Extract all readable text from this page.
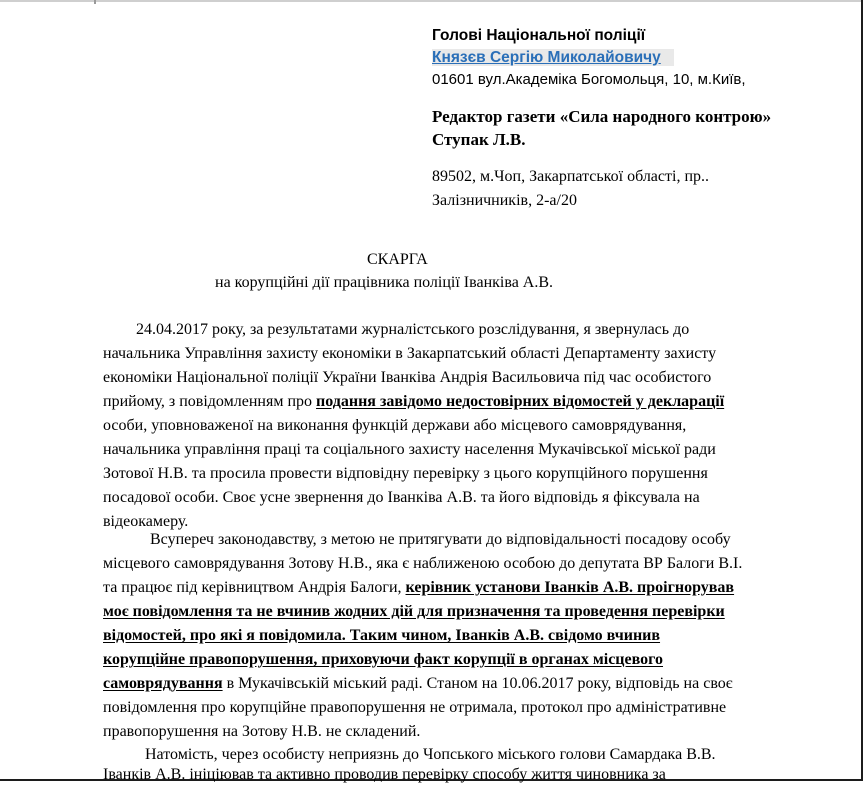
Голові Національної поліції
Князєв Сергію Миколайовичу
01601 вул.Академіка Богомольця, 10, м.Київ,
Редактор газети «Сила народного контрою»
Ступак Л.В.
89502, м.Чоп, Закарпатської області, пр..
Залізничників, 2-а/20
СКАРГА
на корупційні дії працівника поліції Іванківа А.В.
24.04.2017 року, за результатами журналістського розслідування, я звернулась до
начальника Управління захисту економіки в Закарпатський області Департаменту захисту
економіки Національної поліції України Іванківа Андрія Васильовича під час особистого
прийому, з повідомленням про подання завідомо недостовірних відомостей у декларації
особи, уповноваженої на виконання функцій держави або місцевого самоврядування,
начальника управління праці та соціального захисту населення Мукачівської міської ради
Зотової Н.В. та просила провести відповідну перевірку з цього корупційного порушення
посадової особи. Своє усне звернення до Іванківа А.В. та його відповідь я фіксувала на
відеокамеру.
Всупереч законодавству, з метою не притягувати до відповідальності посадову особу
місцевого самоврядування Зотову Н.В., яка є наближеною особою до депутата ВР Балоги В.І.
та працює під керівництвом Андрія Балоги, керівник установи Іванків А.В. проігнорував
моє повідомлення та не вчинив жодних дій для призначення та проведення перевірки
відомостей, про які я повідомила. Таким чином, Іванків А.В. свідомо вчинив
корупційне правопорушення, приховуючи факт корупції в органах місцевого
самоврядування в Мукачівській міський раді. Станом на 10.06.2017 року, відповідь на своє
повідомлення про корупційне правопорушення не отримала, протокол про адміністративне
правопорушення на Зотову Н.В. не складений.
Натомість, через особисту неприязнь до Чопського міського голови Самардака В.В.
Іванків А.В. ініціював та активно проводив перевірку способу життя чиновника за
